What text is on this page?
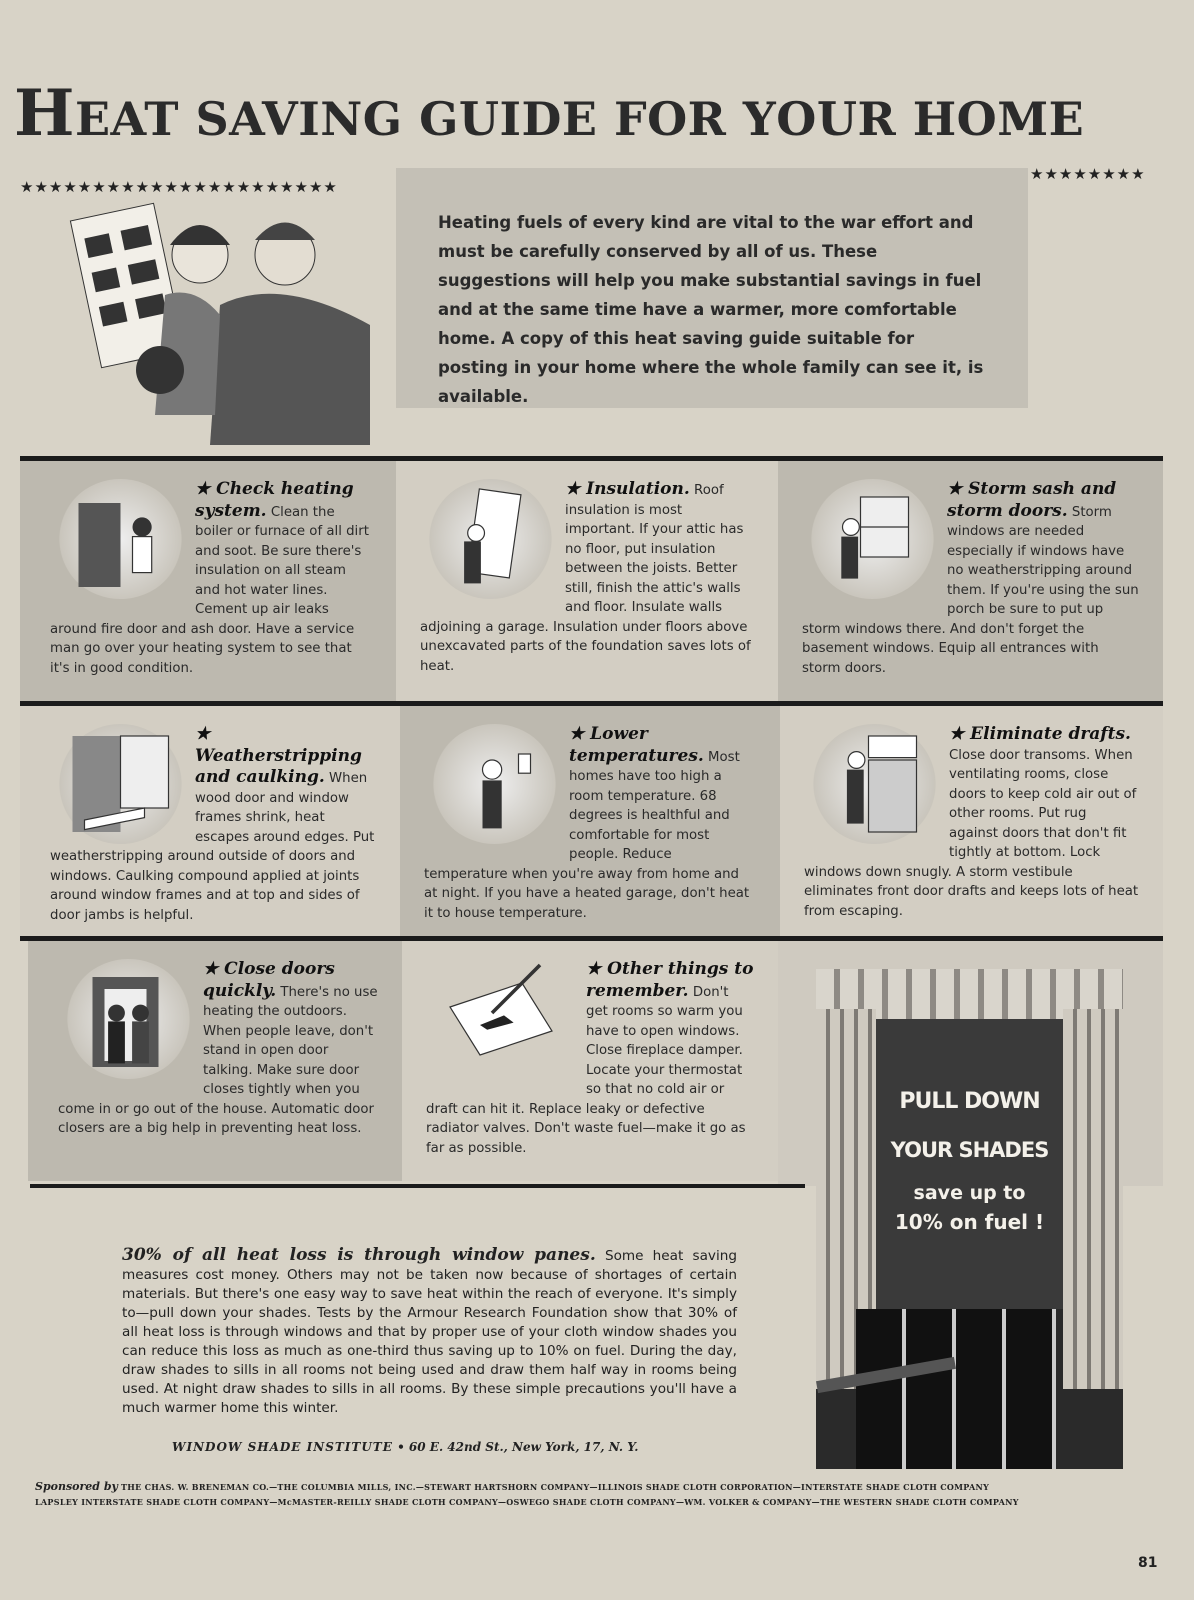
HEAT SAVING GUIDE FOR YOUR HOME
★★★★★★★★★★★★★★★★★★★★★★
★★★★★★★★

Heating fuels of every kind are vital to the war effort and must be carefully conserved by all of us. These suggestions will help you make substantial savings in fuel and at the same time have a warmer, more comfortable home. A copy of this heat saving guide suitable for posting in your home where the whole family can see it, is available.

★ Check heating system. Clean the boiler or furnace of all dirt and soot. Be sure there's insulation on all steam and hot water lines. Cement up air leaks around fire door and ash door. Have a service man go over your heating system to see that it's in good condition.
★ Insulation. Roof insulation is most important. If your attic has no floor, put insulation between the joists. Better still, finish the attic's walls and floor. Insulate walls adjoining a garage. Insulation under floors above unexcavated parts of the foundation saves lots of heat.
★ Storm sash and storm doors. Storm windows are needed especially if windows have no weatherstripping around them. If you're using the sun porch be sure to put up storm windows there. And don't forget the basement windows. Equip all entrances with storm doors.
★ Weatherstripping and caulking. When wood door and window frames shrink, heat escapes around edges. Put weatherstripping around outside of doors and windows. Caulking compound applied at joints around window frames and at top and sides of door jambs is helpful.
★ Lower temperatures. Most homes have too high a room temperature. 68 degrees is healthful and comfortable for most people. Reduce temperature when you're away from home and at night. If you have a heated garage, don't heat it to house temperature.
★ Eliminate drafts. Close door transoms. When ventilating rooms, close doors to keep cold air out of other rooms. Put rug against doors that don't fit tightly at bottom. Lock windows down snugly. A storm vestibule eliminates front door drafts and keeps lots of heat from escaping.
★ Close doors quickly. There's no use heating the outdoors. When people leave, don't stand in open door talking. Make sure door closes tightly when you come in or go out of the house. Automatic door closers are a big help in preventing heat loss.
★ Other things to remember. Don't get rooms so warm you have to open windows. Close fireplace damper. Locate your thermostat so that no cold air or draft can hit it. Replace leaky or defective radiator valves. Don't waste fuel—make it go as far as possible.
PULL DOWN
YOUR SHADES
save up to
10% on fuel !
30% of all heat loss is through window panes. Some heat saving measures cost money. Others may not be taken now because of shortages of certain materials. But there's one easy way to save heat within the reach of everyone. It's simply to—pull down your shades. Tests by the Armour Research Foundation show that 30% of all heat loss is through windows and that by proper use of your cloth window shades you can reduce this loss as much as one-third thus saving up to 10% on fuel. During the day, draw shades to sills in all rooms not being used and draw them half way in rooms being used. At night draw shades to sills in all rooms. By these simple precautions you'll have a much warmer home this winter.
WINDOW SHADE INSTITUTE • 60 E. 42nd St., New York, 17, N. Y.
Sponsored by THE CHAS. W. BRENEMAN CO.—THE COLUMBIA MILLS, INC.—STEWART HARTSHORN COMPANY—ILLINOIS SHADE CLOTH CORPORATION—INTERSTATE SHADE CLOTH COMPANY
LAPSLEY INTERSTATE SHADE CLOTH COMPANY—McMASTER-REILLY SHADE CLOTH COMPANY—OSWEGO SHADE CLOTH COMPANY—WM. VOLKER & COMPANY—THE WESTERN SHADE CLOTH COMPANY
81
